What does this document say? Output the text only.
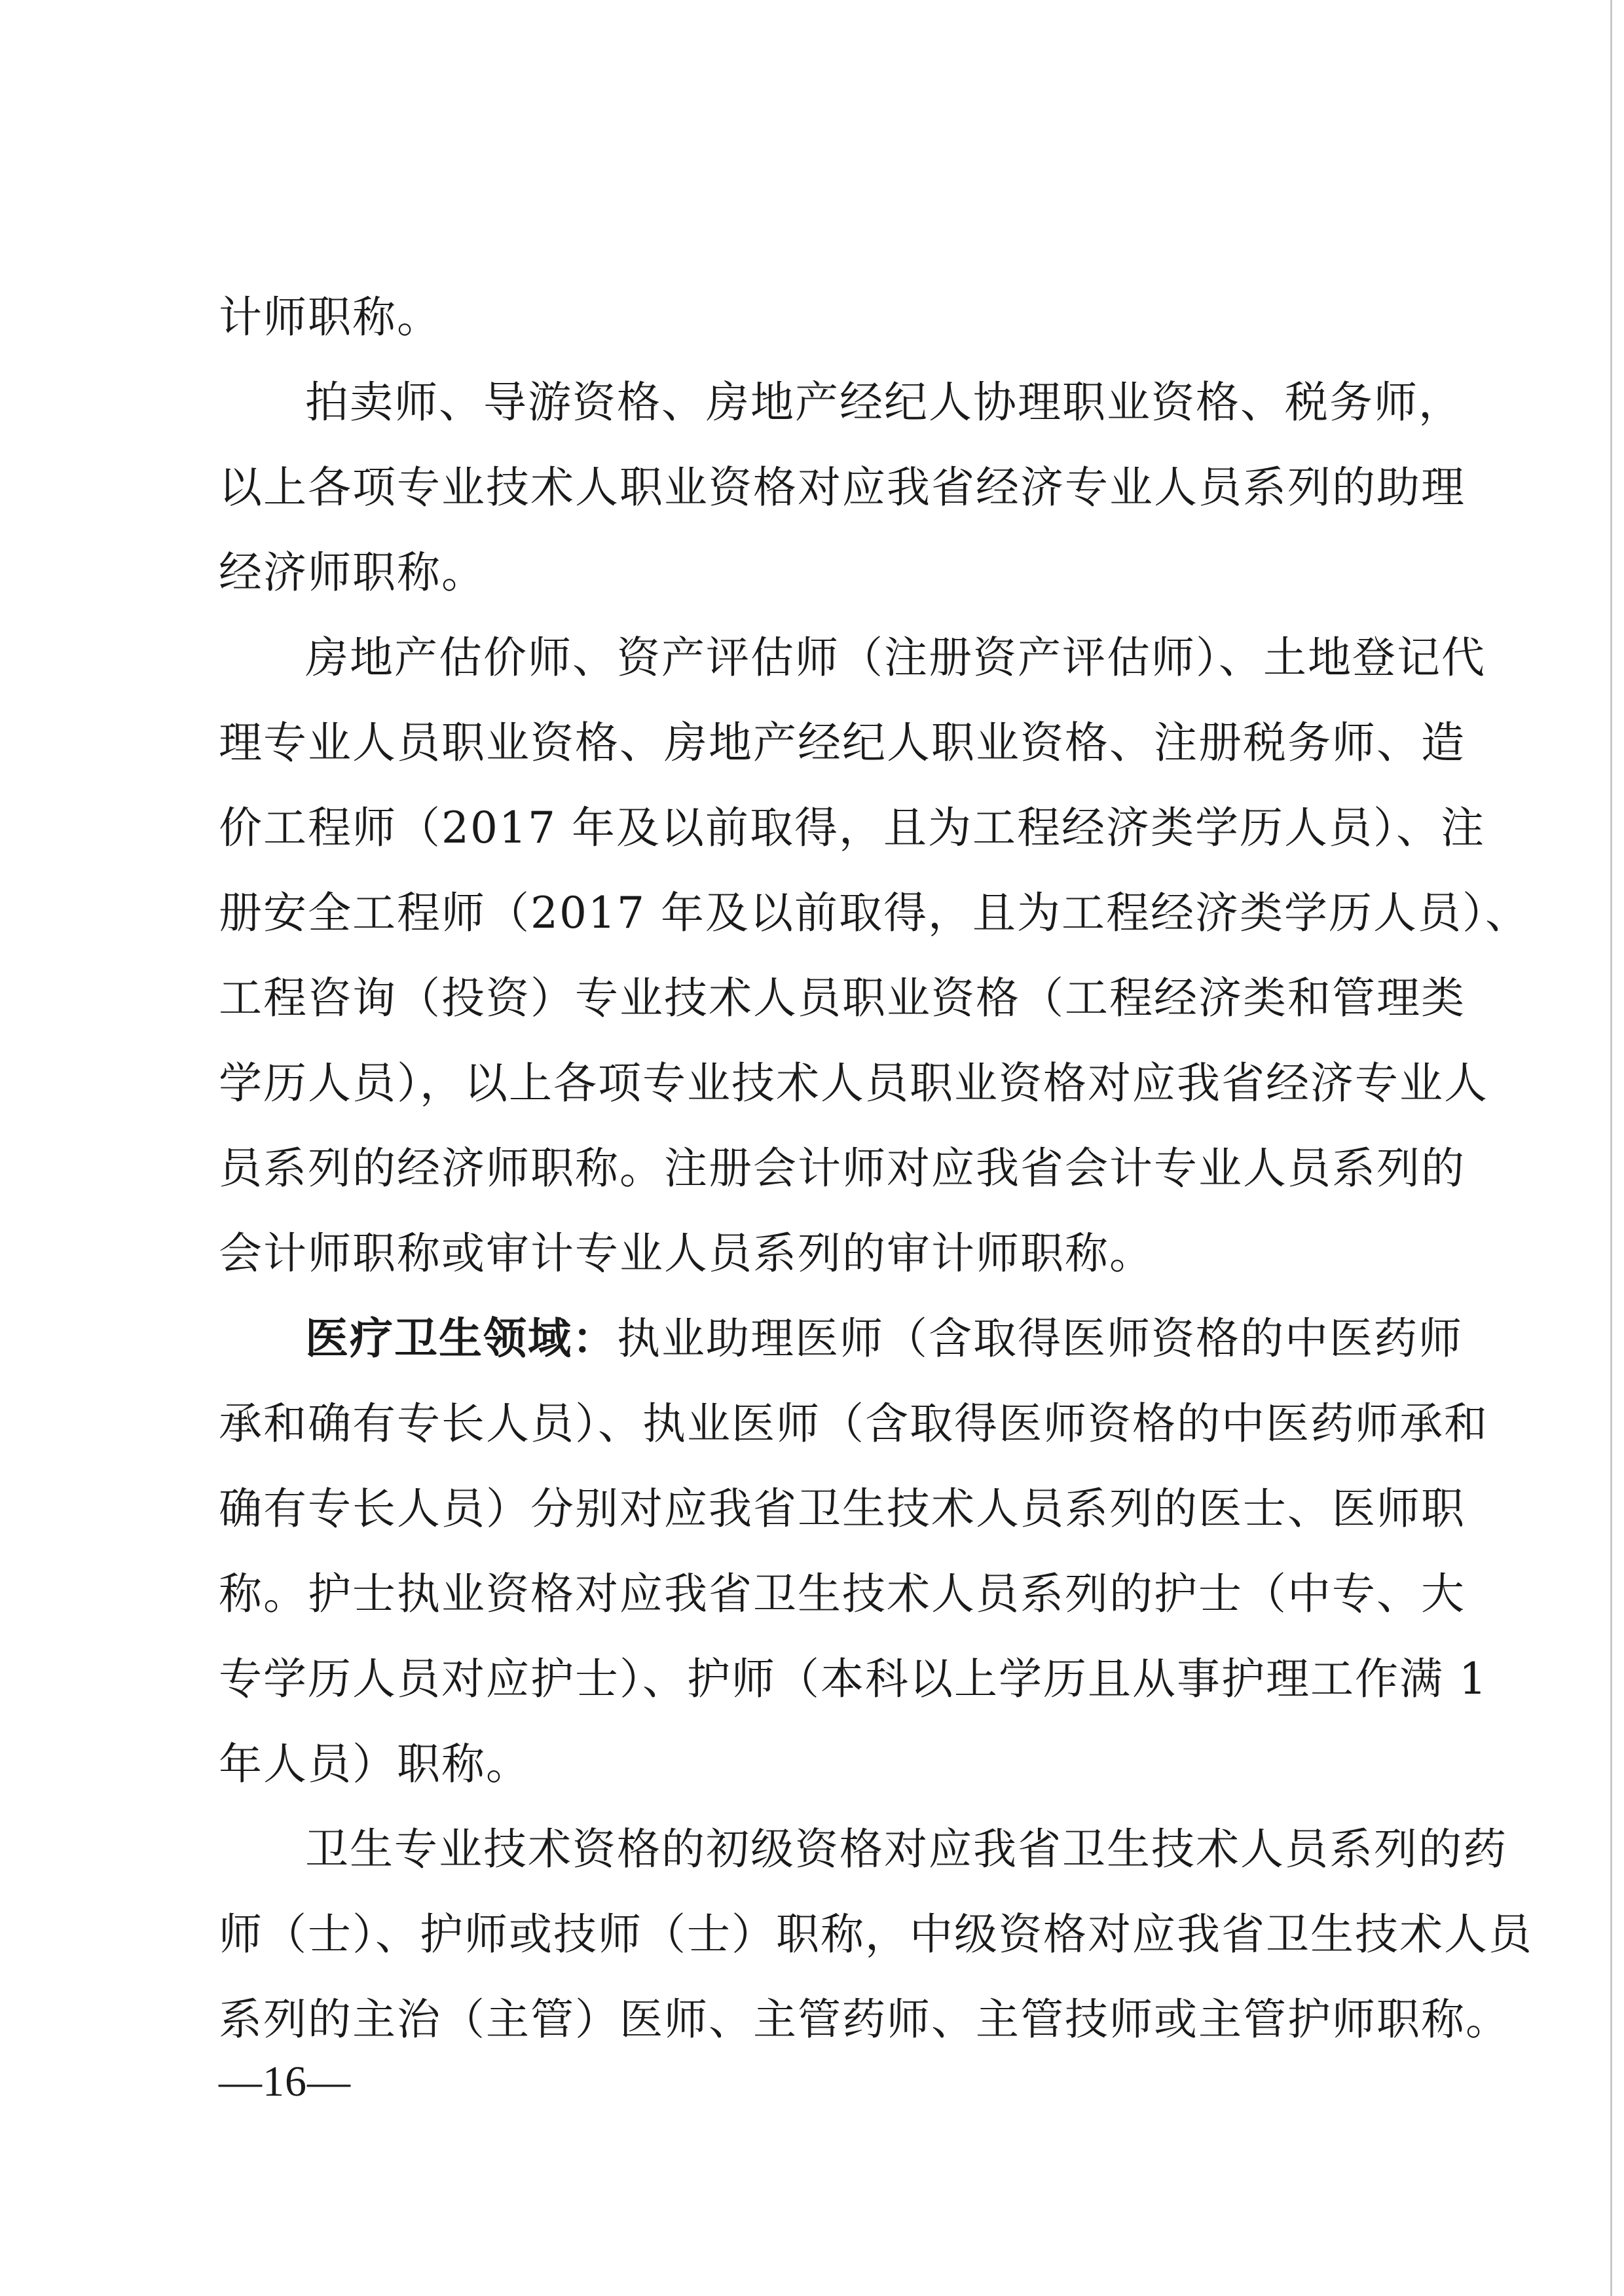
计师职称。
拍卖师、导游资格、房地产经纪人协理职业资格、税务师，
以上各项专业技术人职业资格对应我省经济专业人员系列的助理
经济师职称。
房地产估价师、资产评估师（注册资产评估师）、土地登记代
理专业人员职业资格、房地产经纪人职业资格、注册税务师、造
价工程师（2017 年及以前取得，且为工程经济类学历人员）、注
册安全工程师（2017 年及以前取得，且为工程经济类学历人员）、
工程咨询（投资）专业技术人员职业资格（工程经济类和管理类
学历人员），以上各项专业技术人员职业资格对应我省经济专业人
员系列的经济师职称。注册会计师对应我省会计专业人员系列的
会计师职称或审计专业人员系列的审计师职称。
医疗卫生领域：执业助理医师（含取得医师资格的中医药师
承和确有专长人员）、执业医师（含取得医师资格的中医药师承和
确有专长人员）分别对应我省卫生技术人员系列的医士、医师职
称。护士执业资格对应我省卫生技术人员系列的护士（中专、大
专学历人员对应护士）、护师（本科以上学历且从事护理工作满 1
年人员）职称。
卫生专业技术资格的初级资格对应我省卫生技术人员系列的药
师（士）、护师或技师（士）职称，中级资格对应我省卫生技术人员
系列的主治（主管）医师、主管药师、主管技师或主管护师职称。
—16—
